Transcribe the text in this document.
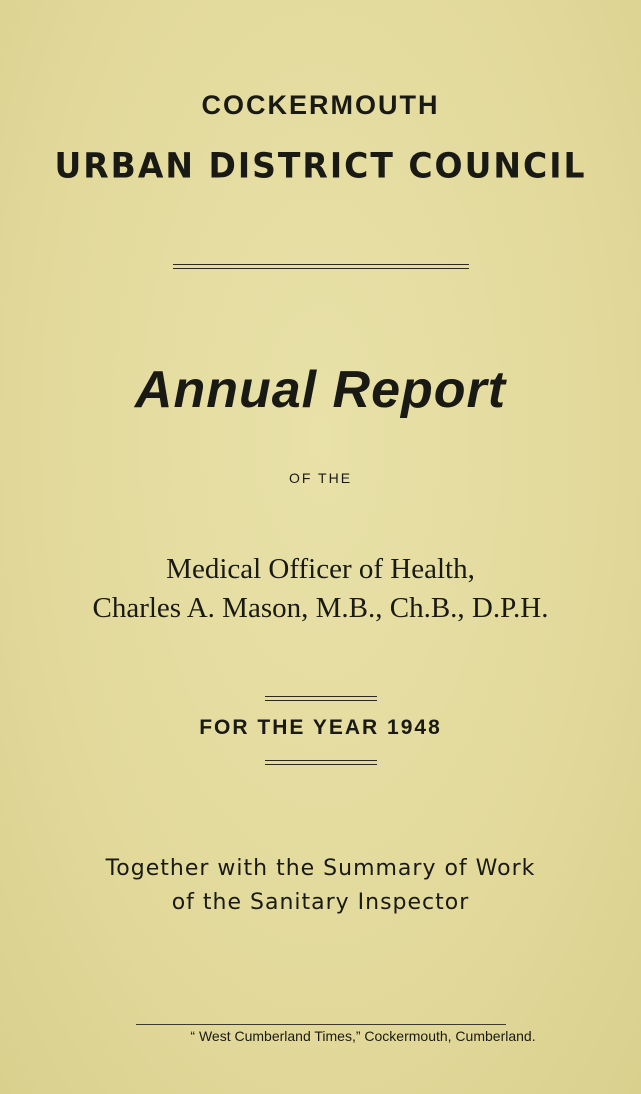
COCKERMOUTH
URBAN DISTRICT COUNCIL
Annual Report
OF THE
Medical Officer of Health,
Charles A. Mason, M.B., Ch.B., D.P.H.
FOR THE YEAR 1948
Together with the Summary of Work
of the Sanitary Inspector
“ West Cumberland Times,” Cockermouth, Cumberland.
